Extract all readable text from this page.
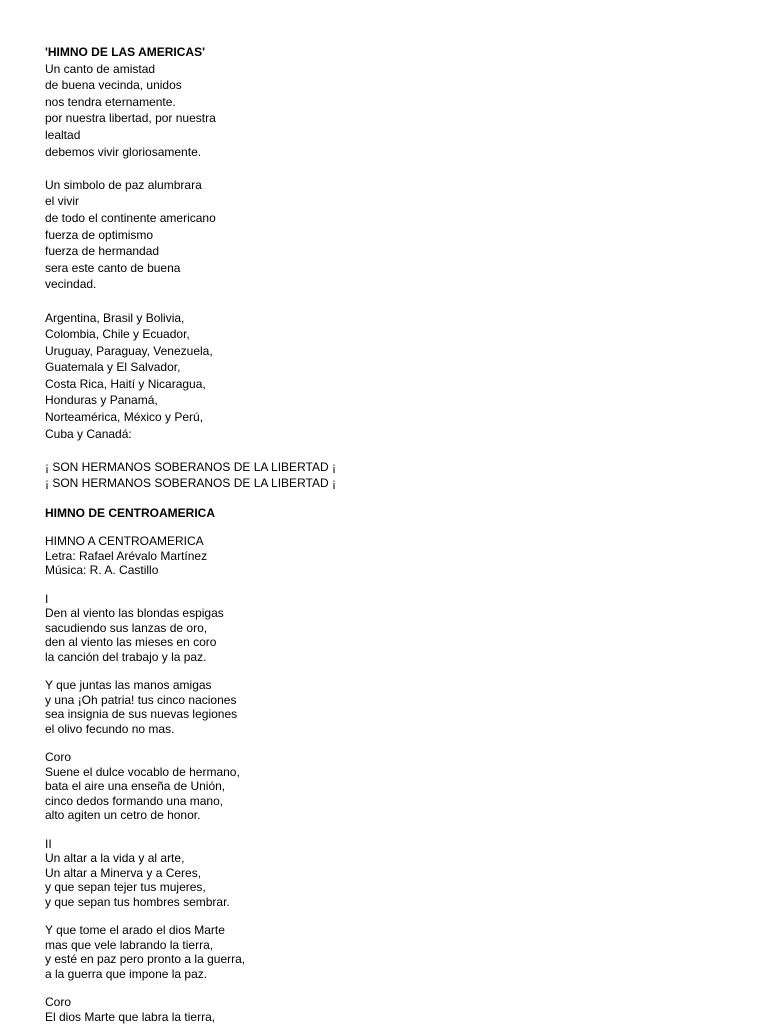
'HIMNO DE LAS AMERICAS'
Un canto de amistad
de buena vecinda, unidos
nos tendra eternamente.
por nuestra libertad, por nuestra
lealtad
debemos vivir gloriosamente.
Un simbolo de paz alumbrara
el vivir
de todo el continente americano
fuerza de optimismo
fuerza de hermandad
sera este canto de buena
vecindad.
Argentina, Brasil y Bolivia,
Colombia, Chile y Ecuador,
Uruguay, Paraguay, Venezuela,
Guatemala y El Salvador,
Costa Rica, Haití y Nicaragua,
Honduras y Panamá,
Norteamérica, México y Perú,
Cuba y Canadá:
¡ SON HERMANOS SOBERANOS DE LA LIBERTAD ¡
¡ SON HERMANOS SOBERANOS DE LA LIBERTAD ¡
HIMNO DE CENTROAMERICA
HIMNO A CENTROAMERICA
Letra: Rafael Arévalo Martínez
Música: R. A. Castillo
I
Den al viento las blondas espigas
sacudiendo sus lanzas de oro,
den al viento las mieses en coro
la canción del trabajo y la paz.
Y que juntas las manos amigas
y una ¡Oh patria! tus cinco naciones
sea insignia de sus nuevas legiones
el olivo fecundo no mas.
Coro
Suene el dulce vocablo de hermano,
bata el aire una enseña de Unión,
cinco dedos formando una mano,
alto agiten un cetro de honor.
II
Un altar a la vida y al arte,
Un altar a Minerva y a Ceres,
y que sepan tejer tus mujeres,
y que sepan tus hombres sembrar.
Y que tome el arado el dios Marte
mas que vele labrando la tierra,
y esté en paz pero pronto a la guerra,
a la guerra que impone la paz.
Coro
El dios Marte que labra la tierra,
